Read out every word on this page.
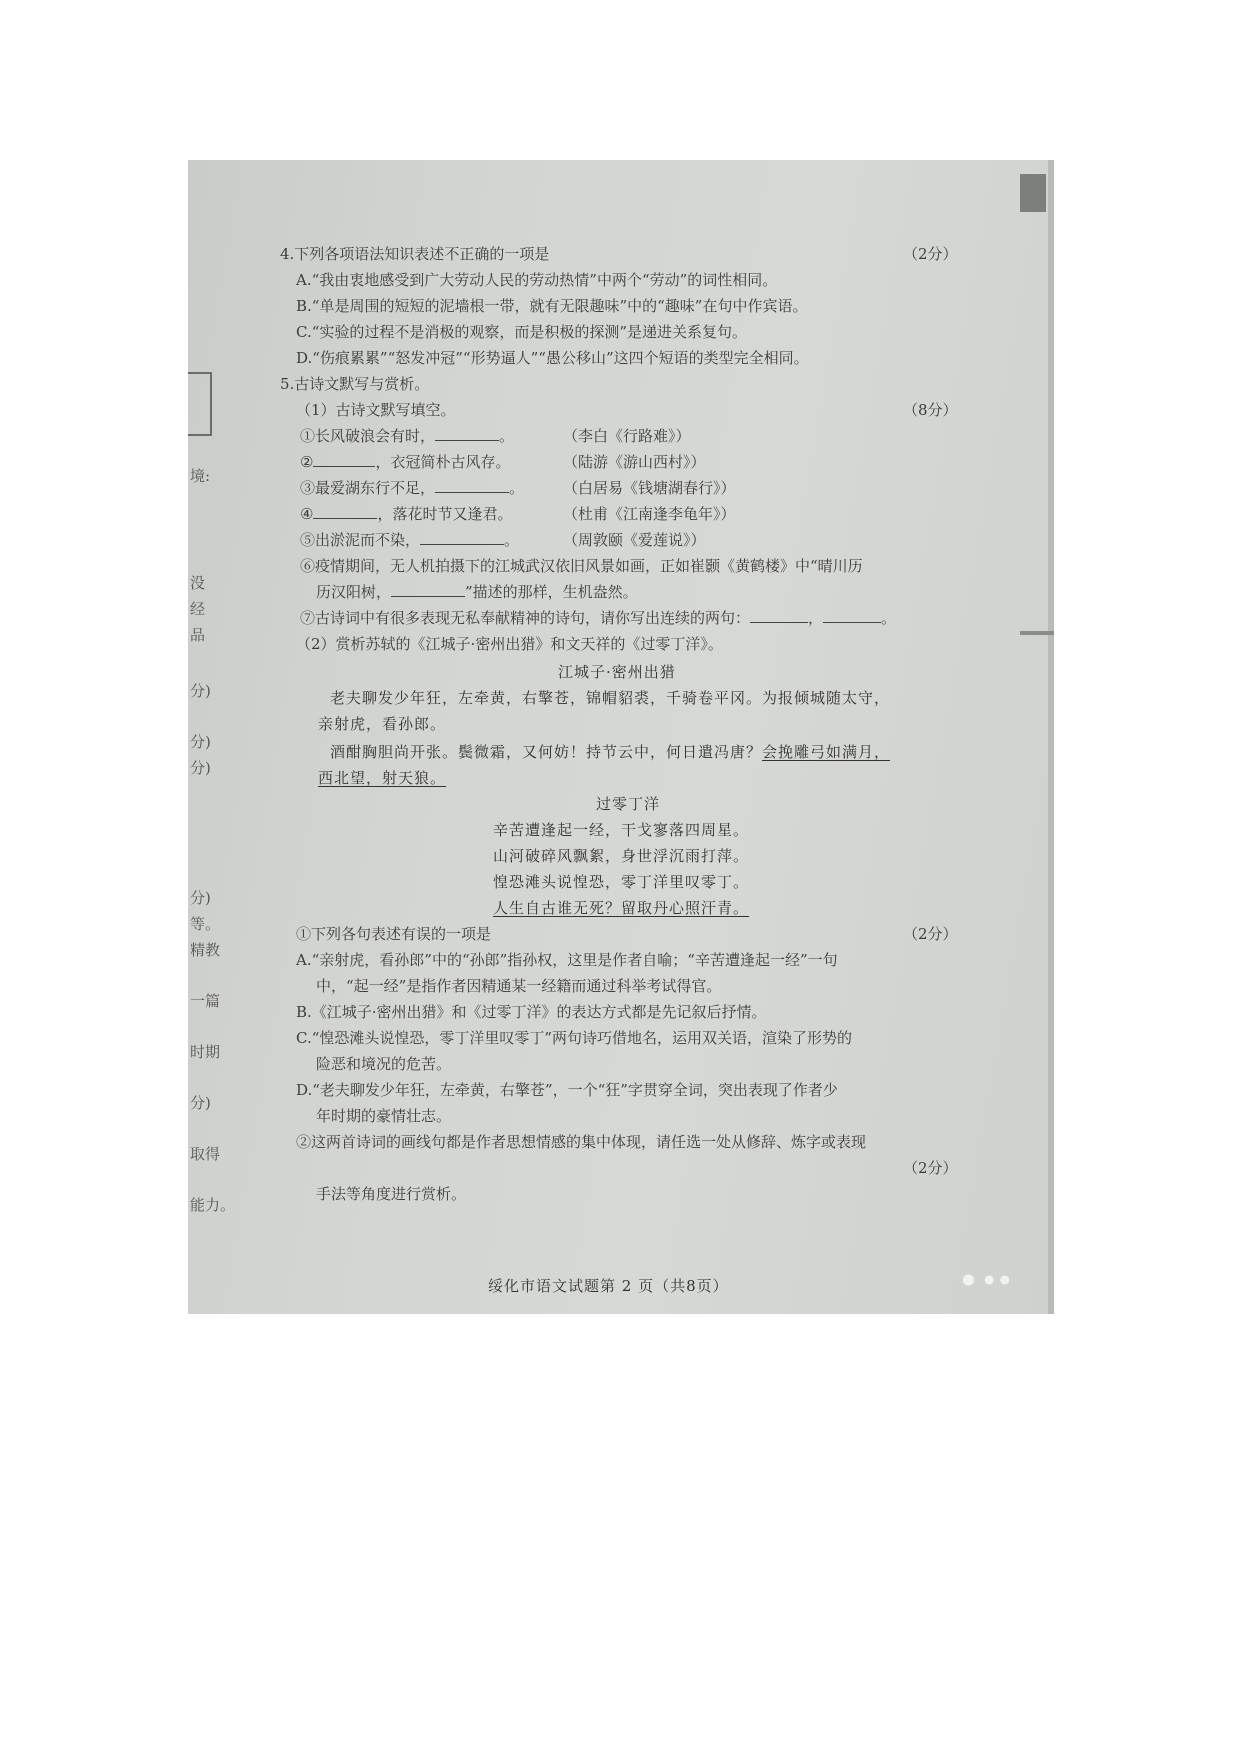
境:
没
经
品
分)
分)
分)
分)
等。
精教
一篇
时期
分)
取得
能力。
4.下列各项语法知识表述不正确的一项是	（2分）
A.“我由衷地感受到广大劳动人民的劳动热情”中两个“劳动”的词性相同。
B.“单是周围的短短的泥墙根一带，就有无限趣味”中的“趣味”在句中作宾语。
C.“实验的过程不是消极的观察，而是积极的探测”是递进关系复句。
D.“伤痕累累”“怒发冲冠”“形势逼人”“愚公移山”这四个短语的类型完全相同。
5.古诗文默写与赏析。
（1）古诗文默写填空。	（8分）
①长风破浪会有时，	。	（李白《行路难》）
②	，衣冠简朴古风存。	（陆游《游山西村》）
③最爱湖东行不足，	。	（白居易《钱塘湖春行》）
④	，落花时节又逢君。	（杜甫《江南逢李龟年》）
⑤出淤泥而不染，	。	（周敦颐《爱莲说》）
⑥疫情期间，无人机拍摄下的江城武汉依旧风景如画，正如崔颢《黄鹤楼》中“晴川历
历汉阳树，	”描述的那样，生机盎然。
⑦古诗词中有很多表现无私奉献精神的诗句，请你写出连续的两句：	，	。
（2）赏析苏轼的《江城子·密州出猎》和文天祥的《过零丁洋》。
江城子·密州出猎
老夫聊发少年狂，左牵黄，右擎苍，锦帽貂裘，千骑卷平冈。为报倾城随太守，
亲射虎，看孙郎。
酒酣胸胆尚开张。鬓微霜，又何妨！持节云中，何日遣冯唐？会挽雕弓如满月，
西北望，射天狼。
过零丁洋
辛苦遭逢起一经，干戈寥落四周星。
山河破碎风飘絮，身世浮沉雨打萍。
惶恐滩头说惶恐，零丁洋里叹零丁。
人生自古谁无死？留取丹心照汗青。
①下列各句表述有误的一项是	（2分）
A.“亲射虎，看孙郎”中的“孙郎”指孙权，这里是作者自喻；“辛苦遭逢起一经”一句
中，“起一经”是指作者因精通某一经籍而通过科举考试得官。
B.《江城子·密州出猎》和《过零丁洋》的表达方式都是先记叙后抒情。
C.“惶恐滩头说惶恐，零丁洋里叹零丁”两句诗巧借地名，运用双关语，渲染了形势的
险恶和境况的危苦。
D.“老夫聊发少年狂，左牵黄，右擎苍”，一个“狂”字贯穿全词，突出表现了作者少
年时期的豪情壮志。
②这两首诗词的画线句都是作者思想情感的集中体现，请任选一处从修辞、炼字或表现
（2分）
手法等角度进行赏析。
绥化市语文试题第 2 页（共8页）
